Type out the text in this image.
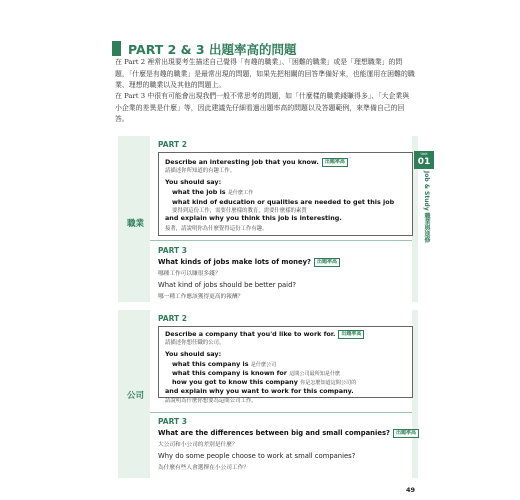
PART 2 & 3 出題率高的問題
在 Part 2 裡常出現要考生描述自己覺得「有趣的職業」、「困難的職業」或是「理想職業」的問題，「什麼是有趣的職業」是最常出現的問題，如果先把相關的回答準備好來，也能運用在困難的職業、理想的職業以及其他的問題上。
在 Part 3 中很有可能會出現我們一般不常思考的問題，如「什麼樣的職業錢賺得多」、「大企業與小企業的差異是什麼」等，因此建議先仔細看過出題率高的問題以及答題範例，來準備自己的回答。
職業
PART 2
Describe an interesting job that you know. 出題率高
請描述你所知道的有趣工作。
You should say:
what the job is 是什麼工作
what kind of education or qualities are needed to get this job
要得到這份工作，需要什麼樣的教育，需要什麼樣的素質
and explain why you think this job is interesting.
接著，請說明你為什麼覺得這份工作有趣。
PART 3
What kinds of jobs make lots of money? 出題率高
哪種工作可以賺很多錢？
What kind of jobs should be better paid?
哪一種工作應該獲得更高的報酬？
公司
PART 2
Describe a company that you'd like to work for. 出題率高
請描述你想任職的公司。
You should say:
what this company is 是什麼公司
what this company is known for 這間公司最所知是什麼
how you got to know this company 你是怎麼知道這間公司的
and explain why you want to work for this company.
請說明為什麼你想要為這間公司工作。
PART 3
What are the differences between big and small companies? 出題率高
大公司和小公司的差別是什麼？
Why do some people choose to work at small companies?
為什麼有些人會選擇在小公司工作？
Unit
01
Job & Study 職業與進修
49
